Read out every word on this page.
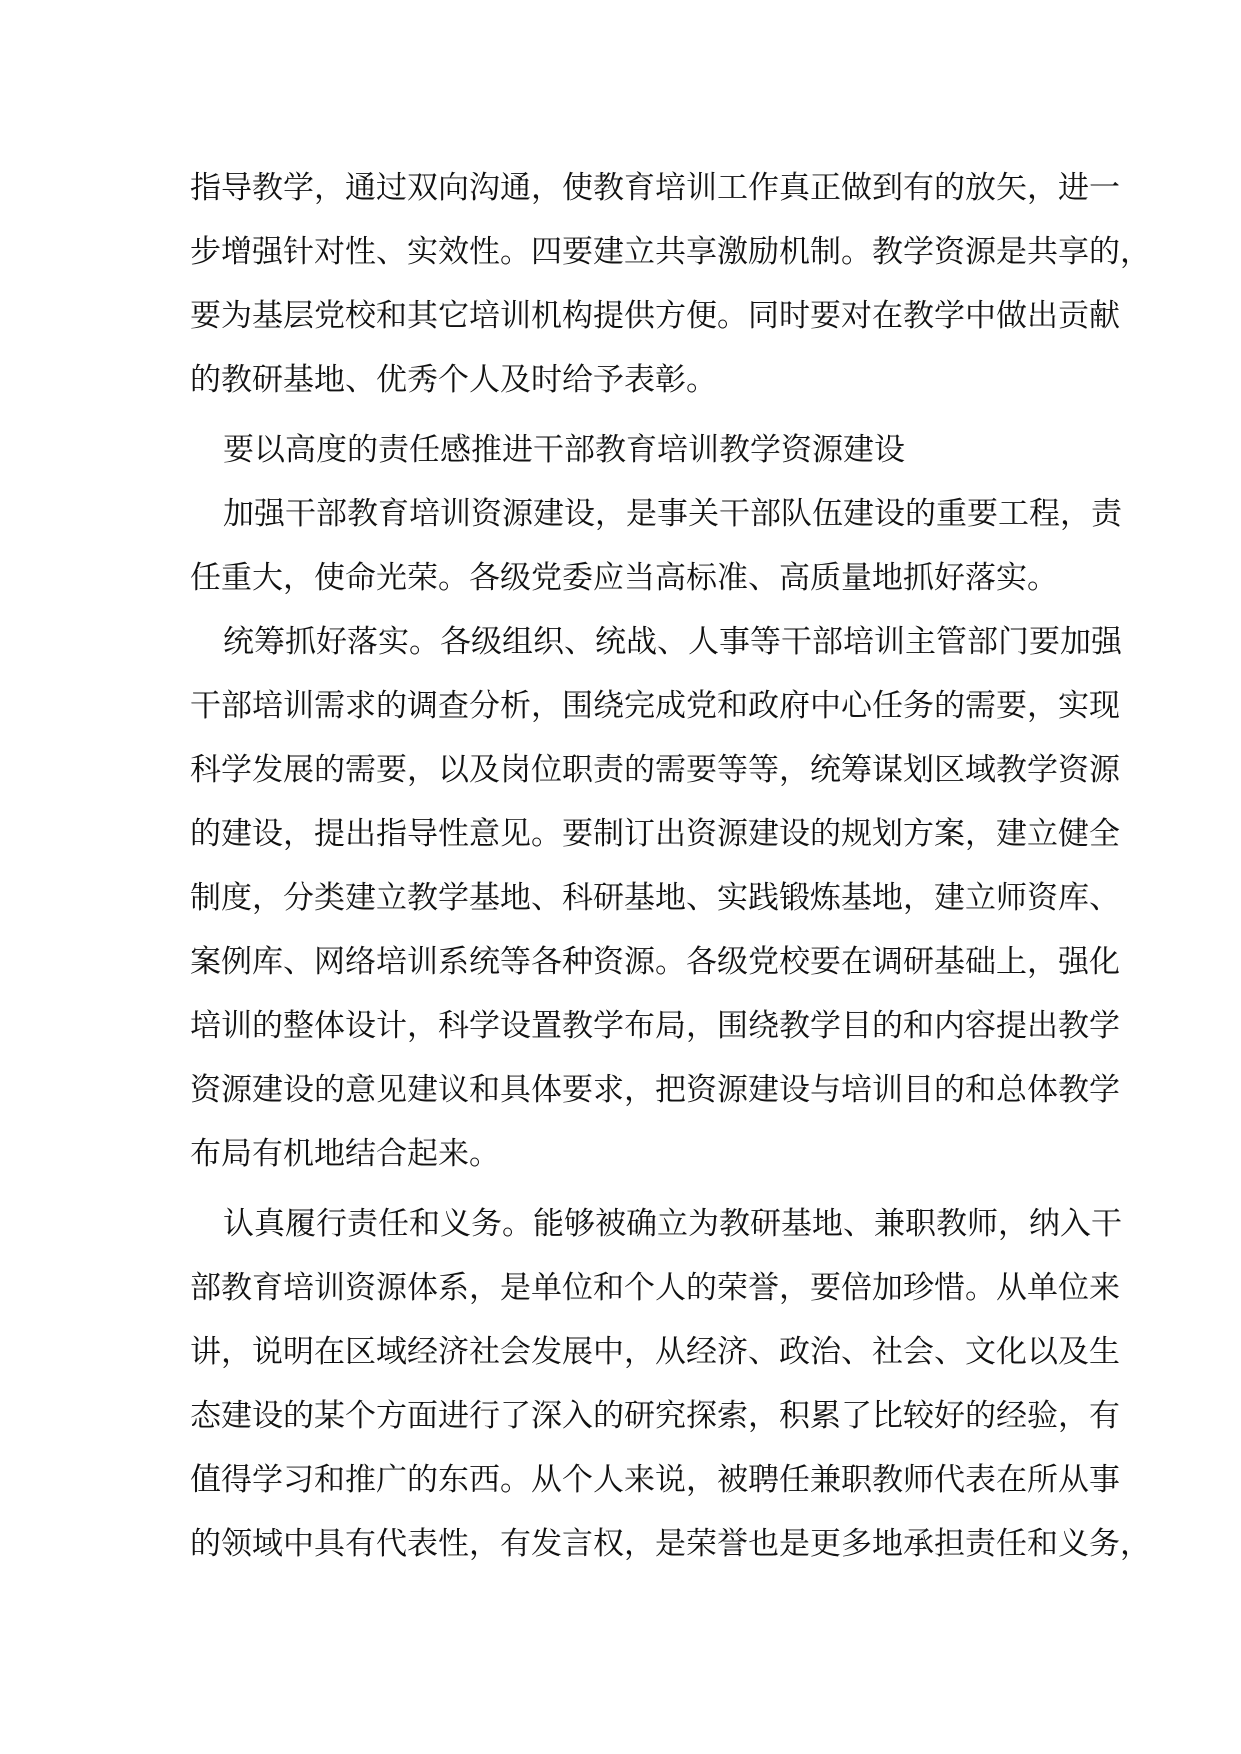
指导教学，通过双向沟通，使教育培训工作真正做到有的放矢，进一
步增强针对性、实效性。四要建立共享激励机制。教学资源是共享的，
要为基层党校和其它培训机构提供方便。同时要对在教学中做出贡献
的教研基地、优秀个人及时给予表彰。
要以高度的责任感推进干部教育培训教学资源建设
加强干部教育培训资源建设，是事关干部队伍建设的重要工程，责
任重大，使命光荣。各级党委应当高标准、高质量地抓好落实。
统筹抓好落实。各级组织、统战、人事等干部培训主管部门要加强
干部培训需求的调查分析，围绕完成党和政府中心任务的需要，实现
科学发展的需要，以及岗位职责的需要等等，统筹谋划区域教学资源
的建设，提出指导性意见。要制订出资源建设的规划方案，建立健全
制度，分类建立教学基地、科研基地、实践锻炼基地，建立师资库、
案例库、网络培训系统等各种资源。各级党校要在调研基础上，强化
培训的整体设计，科学设置教学布局，围绕教学目的和内容提出教学
资源建设的意见建议和具体要求，把资源建设与培训目的和总体教学
布局有机地结合起来。
认真履行责任和义务。能够被确立为教研基地、兼职教师，纳入干
部教育培训资源体系，是单位和个人的荣誉，要倍加珍惜。从单位来
讲，说明在区域经济社会发展中，从经济、政治、社会、文化以及生
态建设的某个方面进行了深入的研究探索，积累了比较好的经验，有
值得学习和推广的东西。从个人来说，被聘任兼职教师代表在所从事
的领域中具有代表性，有发言权，是荣誉也是更多地承担责任和义务，
